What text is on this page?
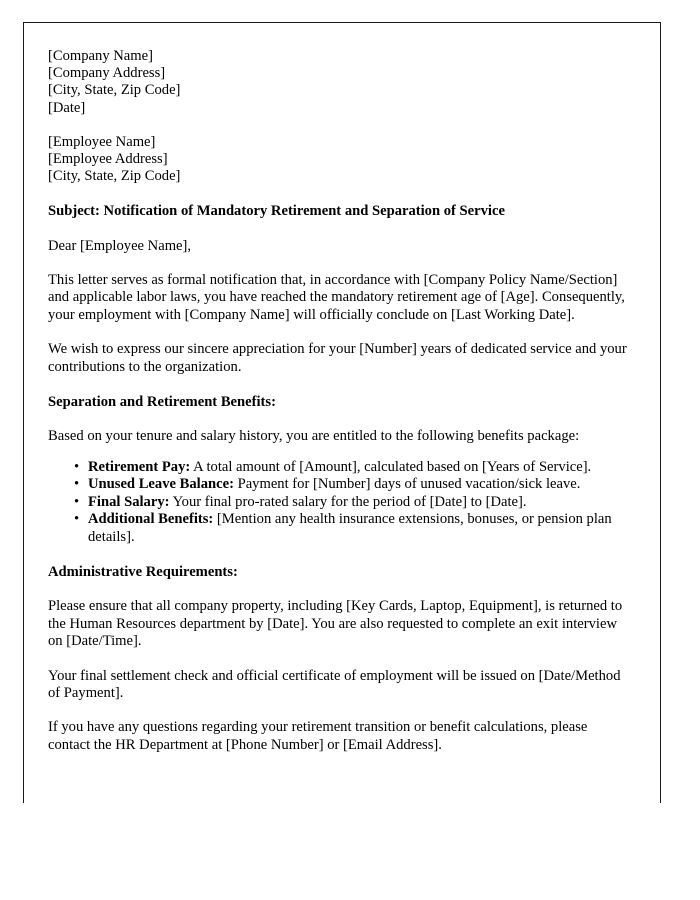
[Company Name]
[Company Address]
[City, State, Zip Code]
[Date]
[Employee Name]
[Employee Address]
[City, State, Zip Code]
Subject: Notification of Mandatory Retirement and Separation of Service

Dear [Employee Name],

This letter serves as formal notification that, in accordance with [Company Policy Name/Section] and applicable labor laws, you have reached the mandatory retirement age of [Age]. Consequently, your employment with [Company Name] will officially conclude on [Last Working Date].

We wish to express our sincere appreciation for your [Number] years of dedicated service and your contributions to the organization.

Separation and Retirement Benefits:

Based on your tenure and salary history, you are entitled to the following benefits package:

• Retirement Pay: A total amount of [Amount], calculated based on [Years of Service].
• Unused Leave Balance: Payment for [Number] days of unused vacation/sick leave.
• Final Salary: Your final pro-rated salary for the period of [Date] to [Date].
• Additional Benefits: [Mention any health insurance extensions, bonuses, or pension plan details].
Administrative Requirements:

Please ensure that all company property, including [Key Cards, Laptop, Equipment], is returned to the Human Resources department by [Date]. You are also requested to complete an exit interview on [Date/Time].

Your final settlement check and official certificate of employment will be issued on [Date/Method of Payment].

If you have any questions regarding your retirement transition or benefit calculations, please contact the HR Department at [Phone Number] or [Email Address].
